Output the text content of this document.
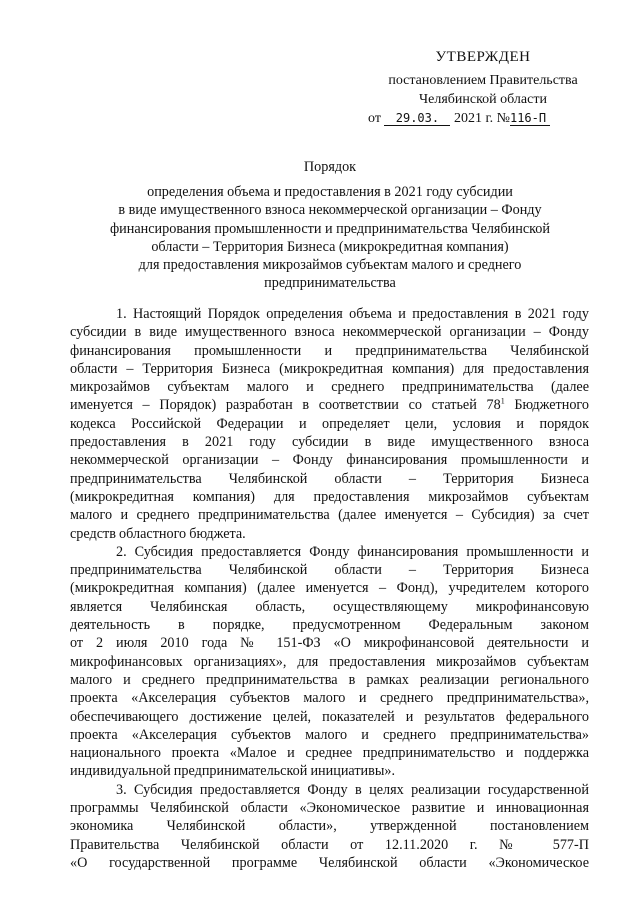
УТВЕРЖДЕН
постановлением Правительства
Челябинской области
от 29.03. 2021 г. №116-П
Порядок
определения объема и предоставления в 2021 году субсидии
в виде имущественного взноса некоммерческой организации – Фонду
финансирования промышленности и предпринимательства Челябинской
области – Территория Бизнеса (микрокредитная компания)
для предоставления микрозаймов субъектам малого и среднего
предпринимательства
1. Настоящий Порядок определения объема и предоставления в 2021 году
субсидии в виде имущественного взноса некоммерческой организации – Фонду
финансирования промышленности и предпринимательства Челябинской
области – Территория Бизнеса (микрокредитная компания) для предоставления
микрозаймов субъектам малого и среднего предпринимательства (далее
именуется – Порядок) разработан в соответствии со статьей $78^1$ Бюджетного
кодекса Российской Федерации и определяет цели, условия и порядок
предоставления в 2021 году субсидии в виде имущественного взноса
некоммерческой организации – Фонду финансирования промышленности и
предпринимательства Челябинской области – Территория Бизнеса
(микрокредитная компания) для предоставления микрозаймов субъектам
малого и среднего предпринимательства (далее именуется – Субсидия) за счет
средств областного бюджета.
2. Субсидия предоставляется Фонду финансирования промышленности и
предпринимательства Челябинской области – Территория Бизнеса
(микрокредитная компания) (далее именуется – Фонд), учредителем которого
является Челябинская область, осуществляющему микрофинансовую
деятельность в порядке, предусмотренном Федеральным законом
от 2 июля 2010 года № 151-ФЗ «О микрофинансовой деятельности и
микрофинансовых организациях», для предоставления микрозаймов субъектам
малого и среднего предпринимательства в рамках реализации регионального
проекта «Акселерация субъектов малого и среднего предпринимательства»,
обеспечивающего достижение целей, показателей и результатов федерального
проекта «Акселерация субъектов малого и среднего предпринимательства»
национального проекта «Малое и среднее предпринимательство и поддержка
индивидуальной предпринимательской инициативы».
3. Субсидия предоставляется Фонду в целях реализации государственной
программы Челябинской области «Экономическое развитие и инновационная
экономика Челябинской области», утвержденной постановлением
Правительства Челябинской области от 12.11.2020 г. № 577-П
«О государственной программе Челябинской области «Экономическое
